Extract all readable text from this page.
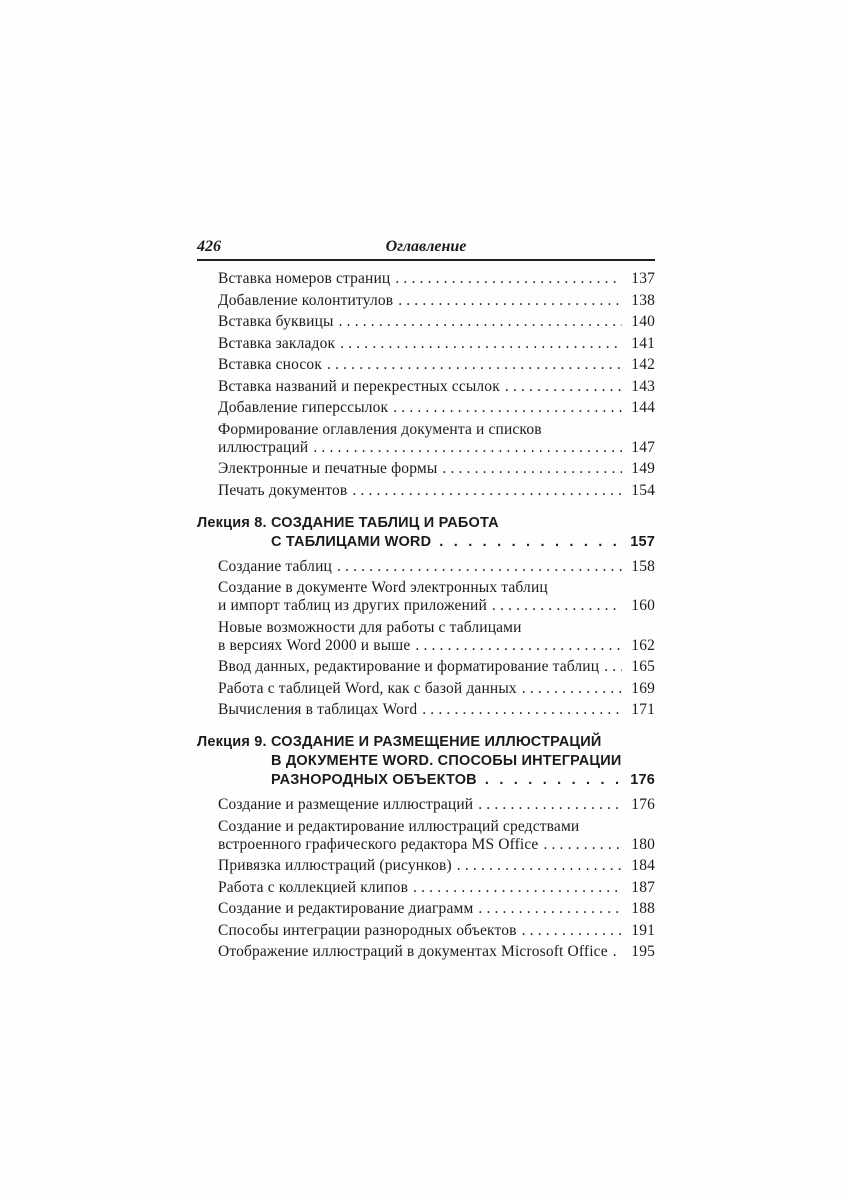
426	Оглавление
Вставка номеров страниц . . .	137
Добавление колонтитулов . . .	138
Вставка буквицы . . .	140
Вставка закладок . . .	141
Вставка сносок . . .	142
Вставка названий и перекрестных ссылок . . .	143
Добавление гиперссылок . . .	144
Формирование оглавления документа и списков
иллюстраций . . .	147
Электронные и печатные формы . . .	149
Печать документов . . .	154
Лекция 8. СОЗДАНИЕ ТАБЛИЦ И РАБОТА
С ТАБЛИЦАМИ WORD . . .	157
Создание таблиц . . .	158
Создание в документе Word электронных таблиц
и импорт таблиц из других приложений . . .	160
Новые возможности для работы с таблицами
в версиях Word 2000 и выше . . .	162
Ввод данных, редактирование и форматирование таблиц . . . 165
Работа с таблицей Word, как с базой данных . . .	169
Вычисления в таблицах Word . . .	171
Лекция 9. СОЗДАНИЕ И РАЗМЕЩЕНИЕ ИЛЛЮСТРАЦИЙ
В ДОКУМЕНТЕ WORD. СПОСОБЫ ИНТЕГРАЦИИ
РАЗНОРОДНЫХ ОБЪЕКТОВ . . .	176
Создание и размещение иллюстраций . . .	176
Создание и редактирование иллюстраций средствами
встроенного графического редактора MS Office . . .	180
Привязка иллюстраций (рисунков) . . .	184
Работа с коллекцией клипов . . .	187
Создание и редактирование диаграмм . . .	188
Способы интеграции разнородных объектов . . .	191
Отображение иллюстраций в документах Microsoft Office . . . 195
